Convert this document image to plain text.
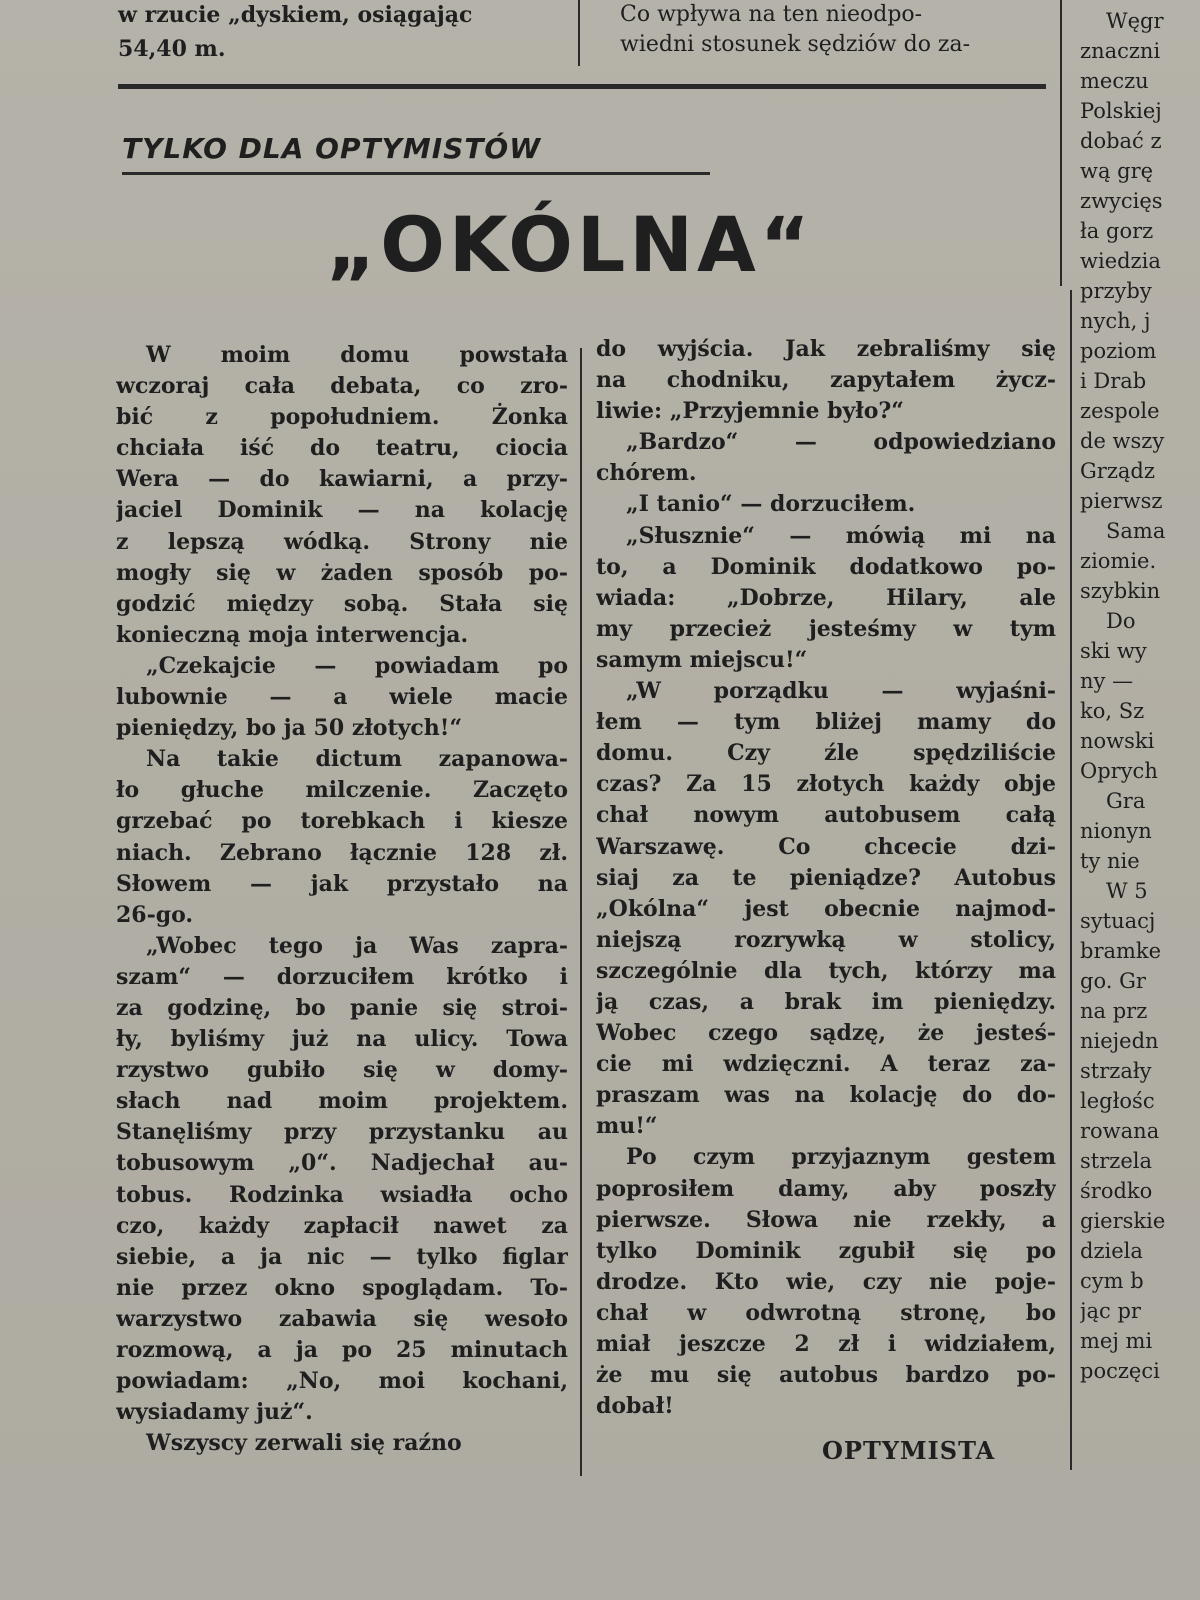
w rzucie „dyskiem, osiągając
54,40 m.
Co wpływa na ten nieodpo-
wiedni stosunek sędziów do za-
TYLKO DLA OPTYMISTÓW
„OKÓLNA“
W moim domu powstała
wczoraj cała debata, co zro-
bić z popołudniem. Żonka
chciała iść do teatru, ciocia
Wera — do kawiarni, a przy-
jaciel Dominik — na kolację
z lepszą wódką. Strony nie
mogły się w żaden sposób po-
godzić między sobą. Stała się
konieczną moja interwencja.
„Czekajcie — powiadam po
lubownie — a wiele macie
pieniędzy, bo ja 50 złotych!“
Na takie dictum zapanowa-
ło głuche milczenie. Zaczęto
grzebać po torebkach i kiesze
niach. Zebrano łącznie 128 zł.
Słowem — jak przystało na
26-go.
„Wobec tego ja Was zapra-
szam“ — dorzuciłem krótko i
za godzinę, bo panie się stroi-
ły, byliśmy już na ulicy. Towa
rzystwo gubiło się w domy-
słach nad moim projektem.
Stanęliśmy przy przystanku au
tobusowym „0“. Nadjechał au-
tobus. Rodzinka wsiadła ocho
czo, każdy zapłacił nawet za
siebie, a ja nic — tylko figlar
nie przez okno spoglądam. To-
warzystwo zabawia się wesoło
rozmową, a ja po 25 minutach
powiadam: „No, moi kochani,
wysiadamy już“.
Wszyscy zerwali się raźno
do wyjścia. Jak zebraliśmy się
na chodniku, zapytałem życz-
liwie: „Przyjemnie było?“
„Bardzo“ — odpowiedziano
chórem.
„I tanio“ — dorzuciłem.
„Słusznie“ — mówią mi na
to, a Dominik dodatkowo po-
wiada: „Dobrze, Hilary, ale
my przecież jesteśmy w tym
samym miejscu!“
„W porządku — wyjaśni-
łem — tym bliżej mamy do
domu. Czy źle spędziliście
czas? Za 15 złotych każdy obje
chał nowym autobusem całą
Warszawę. Co chcecie dzi-
siaj za te pieniądze? Autobus
„Okólna“ jest obecnie najmod-
niejszą rozrywką w stolicy,
szczególnie dla tych, którzy ma
ją czas, a brak im pieniędzy.
Wobec czego sądzę, że jesteś-
cie mi wdzięczni. A teraz za-
praszam was na kolację do do-
mu!“
Po czym przyjaznym gestem
poprosiłem damy, aby poszły
pierwsze. Słowa nie rzekły, a
tylko Dominik zgubił się po
drodze. Kto wie, czy nie poje-
chał w odwrotną stronę, bo
miał jeszcze 2 zł i widziałem,
że mu się autobus bardzo po-
dobał!
OPTYMISTA
Węgr
znaczni
meczu
Polskiej
dobać z
wą grę
zwycięs
ła gorz
wiedzia
przyby
nych, j
poziom
i Drab
zespole
de wszy
Grządz
pierwsz
Sama
ziomie.
szybkin
Do
ski wy
ny —
ko, Sz
nowski
Oprych
Gra
nionyn
ty nie
W 5
sytuacj
bramke
go. Gr
na prz
niejedn
strzały
ległośc
rowana
strzela
środko
gierskie
dziela
cym b
jąc pr
mej mi
poczęci
